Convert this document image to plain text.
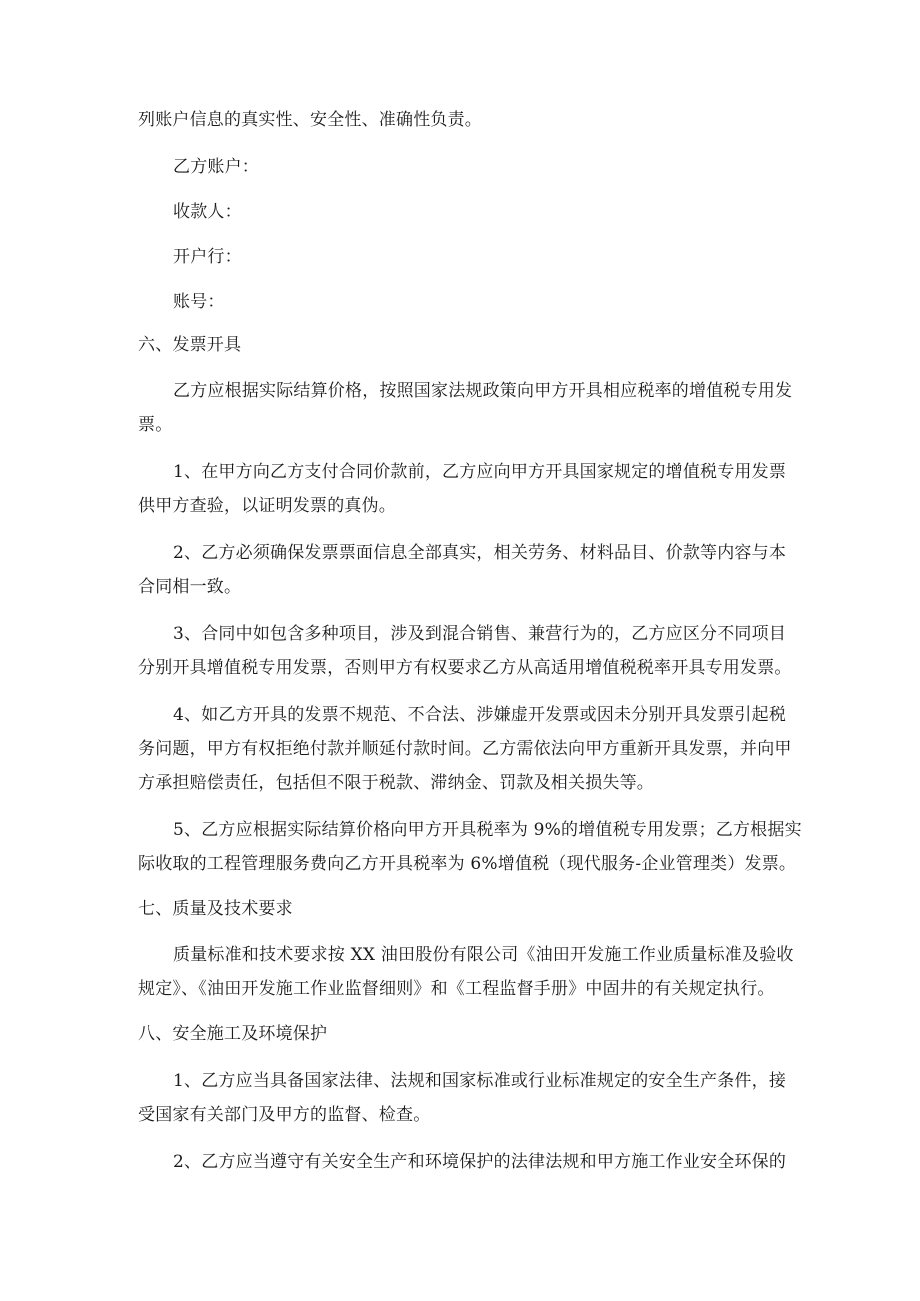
列账户信息的真实性、安全性、准确性负责。
乙方账户：
收款人：
开户行：
账号：
六、发票开具
乙方应根据实际结算价格，按照国家法规政策向甲方开具相应税率的增值税专用发
票。
1、在甲方向乙方支付合同价款前，乙方应向甲方开具国家规定的增值税专用发票
供甲方查验，以证明发票的真伪。
2、乙方必须确保发票票面信息全部真实，相关劳务、材料品目、价款等内容与本
合同相一致。
3、合同中如包含多种项目，涉及到混合销售、兼营行为的，乙方应区分不同项目
分别开具增值税专用发票，否则甲方有权要求乙方从高适用增值税税率开具专用发票。
4、如乙方开具的发票不规范、不合法、涉嫌虚开发票或因未分别开具发票引起税
务问题，甲方有权拒绝付款并顺延付款时间。乙方需依法向甲方重新开具发票，并向甲
方承担赔偿责任，包括但不限于税款、滞纳金、罚款及相关损失等。
5、乙方应根据实际结算价格向甲方开具税率为 9%的增值税专用发票；乙方根据实
际收取的工程管理服务费向乙方开具税率为 6%增值税（现代服务-企业管理类）发票。
七、质量及技术要求
质量标准和技术要求按 XX 油田股份有限公司《油田开发施工作业质量标准及验收
规定》、《油田开发施工作业监督细则》和《工程监督手册》中固井的有关规定执行。
八、安全施工及环境保护
1、乙方应当具备国家法律、法规和国家标准或行业标准规定的安全生产条件，接
受国家有关部门及甲方的监督、检查。
2、乙方应当遵守有关安全生产和环境保护的法律法规和甲方施工作业安全环保的
